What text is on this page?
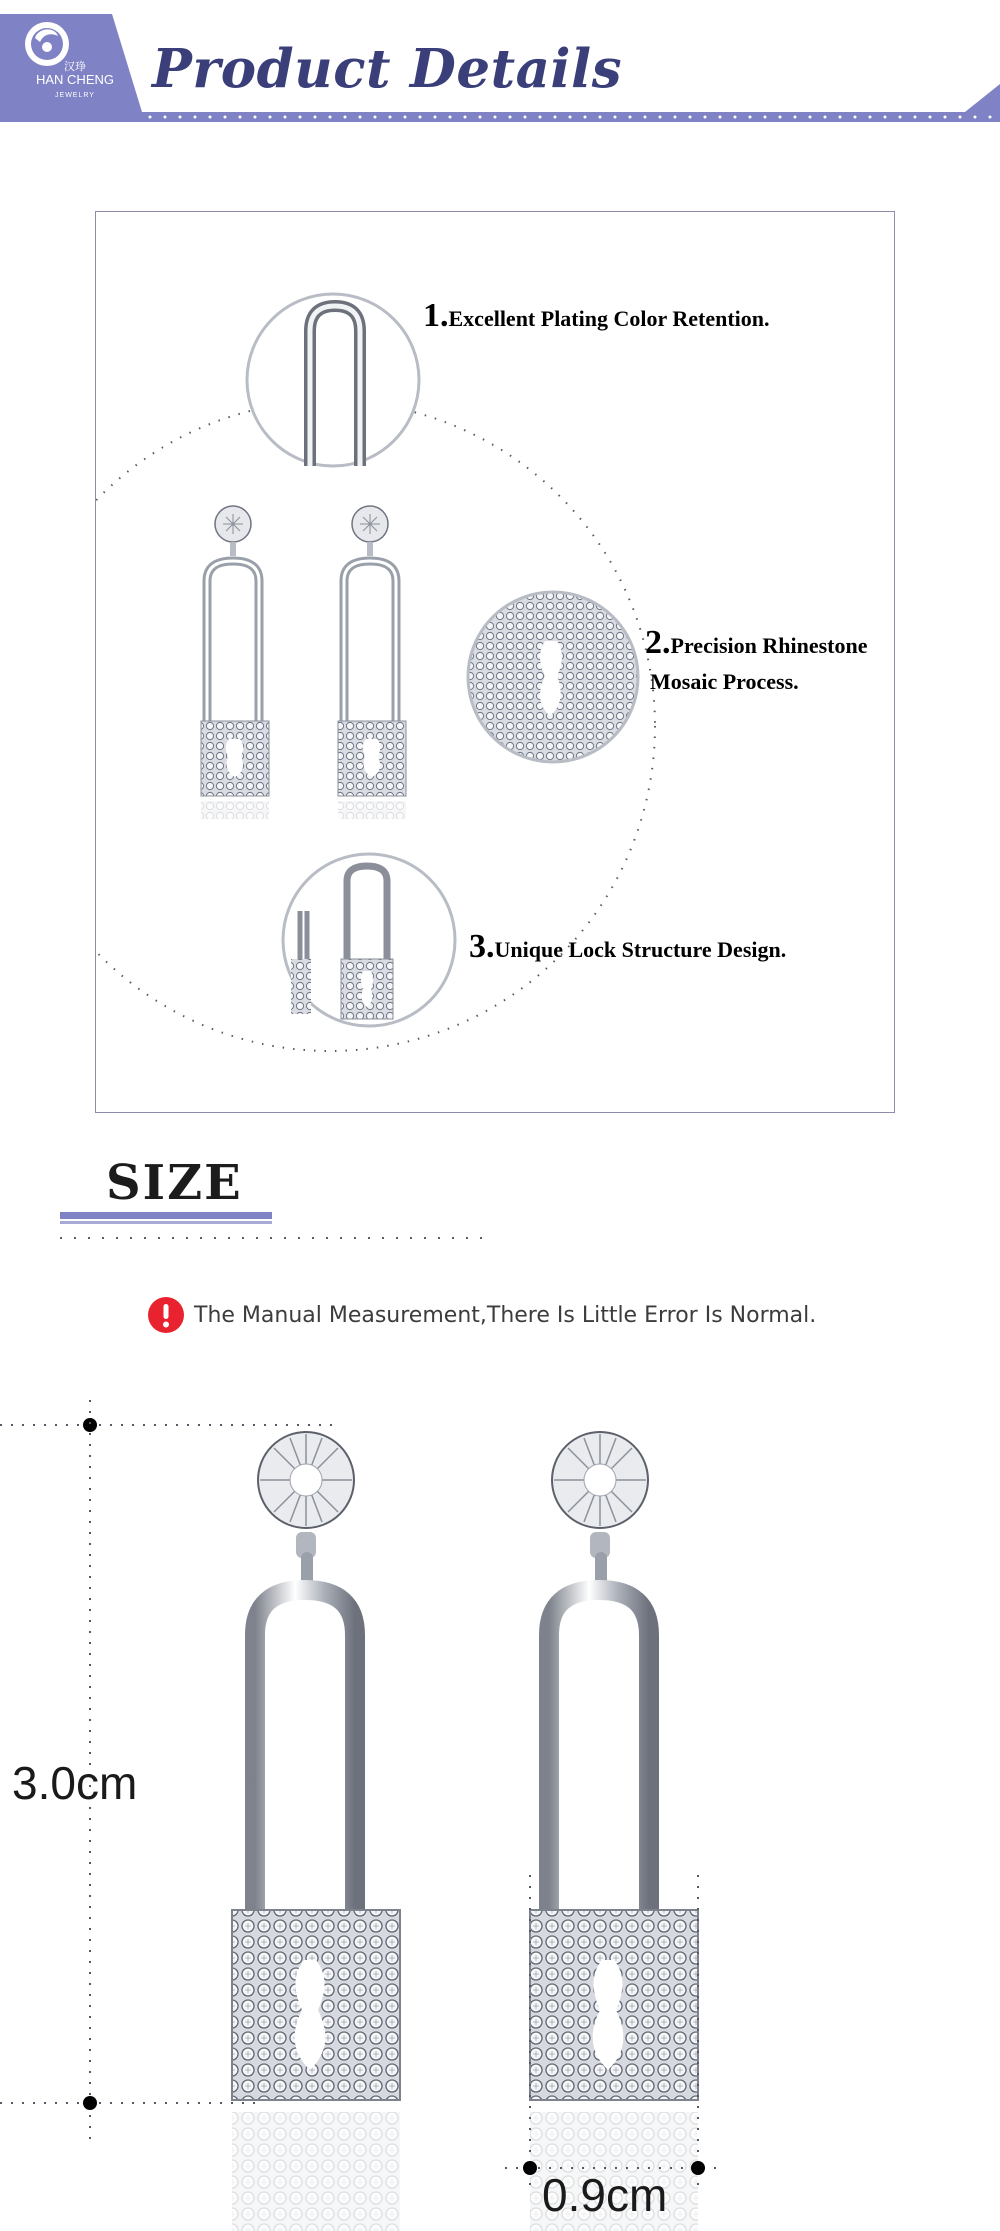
汉琤
HAN CHENG
JEWELRY	Product Details
1.Excellent Plating Color Retention.
2.Precision Rhinestone
Mosaic Process.
3.Unique Lock Structure Design.
SIZE
The Manual Measurement,There Is Little Error Is Normal.
3.0cm
0.9cm
